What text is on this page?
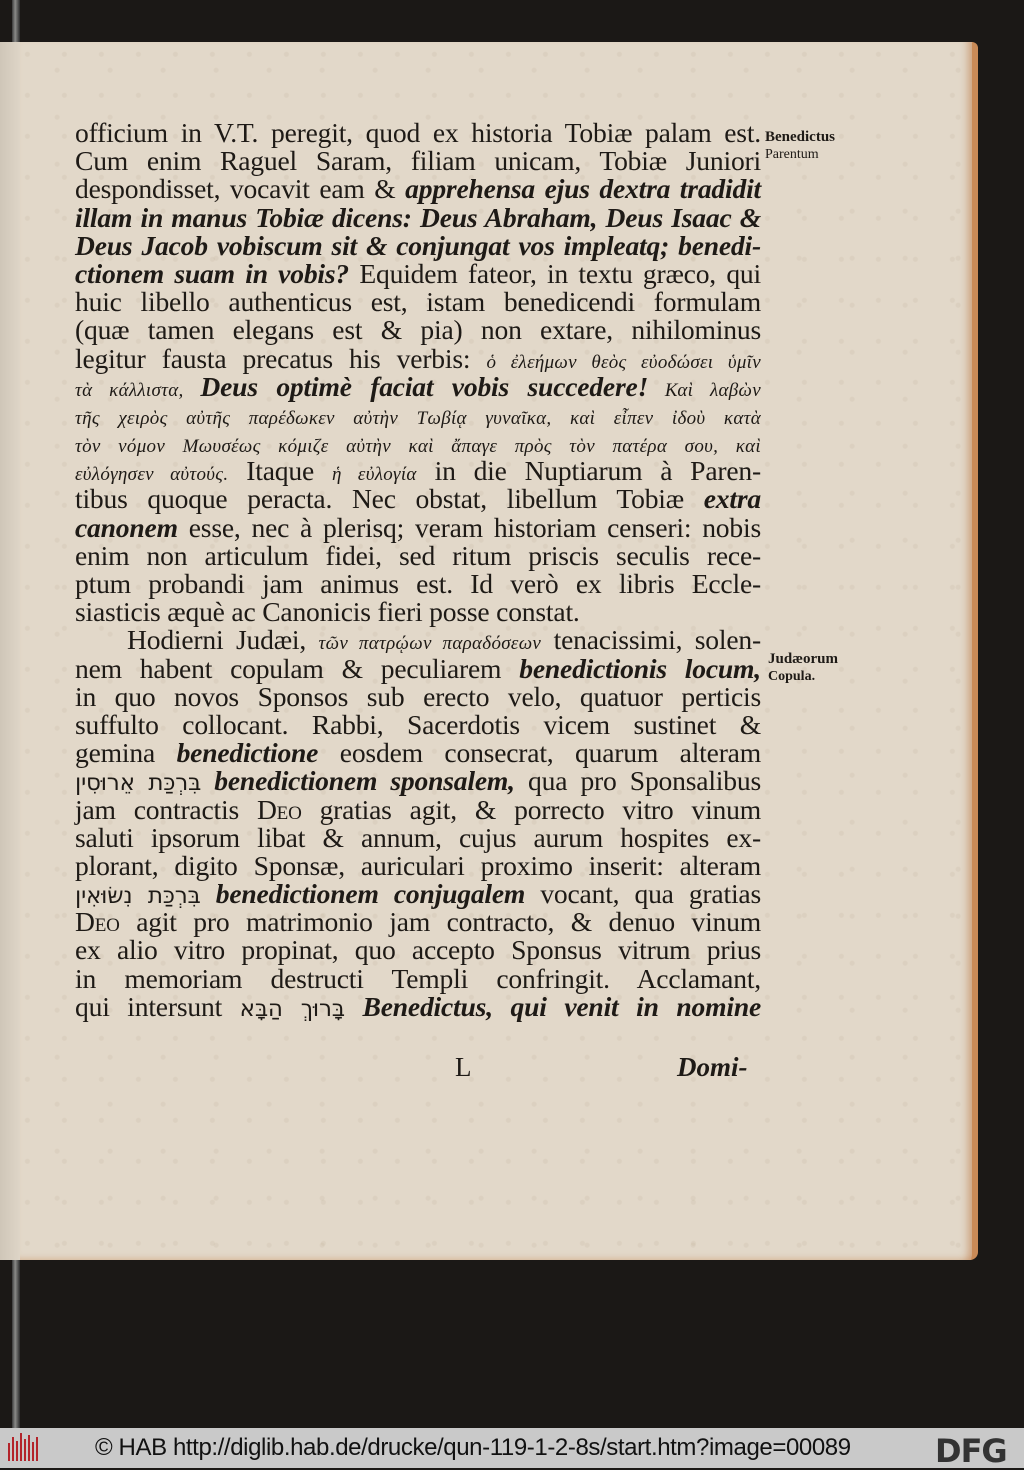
officium in V.T. peregit, quod ex historia Tobiæ palam est.
Cum enim Raguel Saram, filiam unicam, Tobiæ Juniori
despondisset, vocavit eam & apprehensa ejus dextra tradidit
illam in manus Tobiæ dicens: Deus Abraham, Deus Isaac &
Deus Jacob vobiscum sit & conjungat vos impleatq; benedi-
ctionem suam in vobis? Equidem fateor, in textu græco, qui
huic libello authenticus est, istam benedicendi formulam
(quæ tamen elegans est & pia) non extare, nihilominus
legitur fausta precatus his verbis: ὁ ἐλεήμων θεὸς εὐοδώσει ὑμῖν
τὰ κάλλιστα, Deus optimè faciat vobis succedere! Καὶ λαβὼν
τῆς χειρὸς αὐτῆς παρέδωκεν αὐτὴν Τωβίᾳ γυναῖκα, καὶ εἶπεν ἰδοὺ κατὰ
τὸν νόμον Μωυσέως κόμιζε αὐτὴν καὶ ἄπαγε πρὸς τὸν πατέρα σου, καὶ
εὐλόγησεν αὐτούς. Itaque ἡ εὐλογία in die Nuptiarum à Paren-
tibus quoque peracta. Nec obstat, libellum Tobiæ extra
canonem esse, nec à plerisq; veram historiam censeri: nobis
enim non articulum fidei, sed ritum priscis seculis rece-
ptum probandi jam animus est. Id verò ex libris Eccle-
siasticis æquè ac Canonicis fieri posse constat.
Hodierni Judæi, τῶν πατρῴων παραδόσεων tenacissimi, solen-
nem habent copulam & peculiarem benedictionis locum,
in quo novos Sponsos sub erecto velo, quatuor perticis
suffulto collocant. Rabbi, Sacerdotis vicem sustinet &
gemina benedictione eosdem consecrat, quarum alteram
בִּרְכַּת אֵרוּסִין benedictionem sponsalem, qua pro Sponsalibus
jam contractis Deo gratias agit, & porrecto vitro vinum
saluti ipsorum libat & annum, cujus aurum hospites ex-
plorant, digito Sponsæ, auriculari proximo inserit: alteram
בִּרְכַּת נִשּׂוּאִין benedictionem conjugalem vocant, qua gratias
Deo agit pro matrimonio jam contracto, & denuo vinum
ex alio vitro propinat, quo accepto Sponsus vitrum prius
in memoriam destructi Templi confringit. Acclamant,
qui intersunt בָּרוּךְ הַבָּא Benedictus, qui venit in nomine
Benedictus
Parentum
Judæorum
Copula.
L	Domi-
© HAB http://diglib.hab.de/drucke/qun-119-1-2-8s/start.htm?image=00089	DFG
